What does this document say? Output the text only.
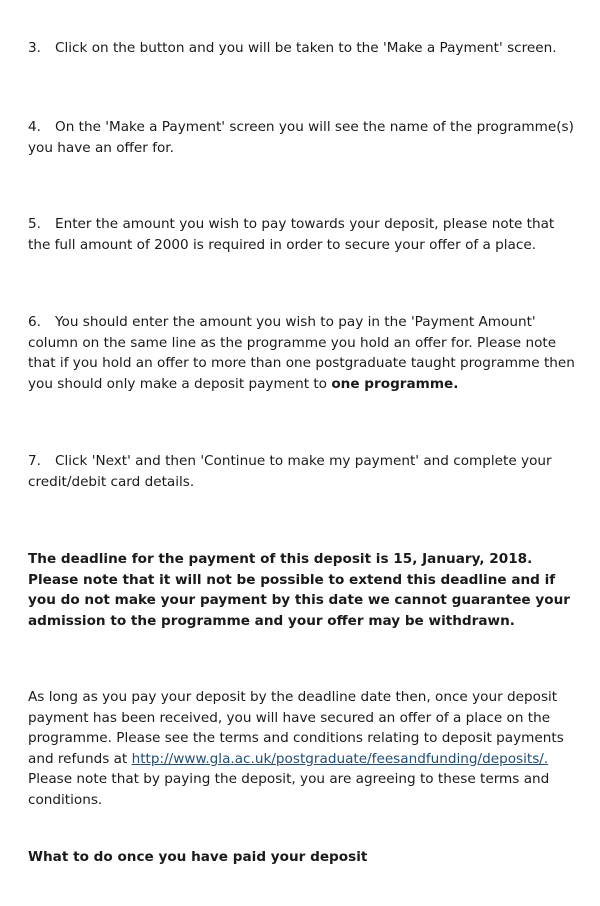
3. Click on the button and you will be taken to the 'Make a Payment' screen.

4. On the 'Make a Payment' screen you will see the name of the programme(s) you have an offer for.

5. Enter the amount you wish to pay towards your deposit, please note that the full amount of 2000 is required in order to secure your offer of a place.

6. You should enter the amount you wish to pay in the 'Payment Amount' column on the same line as the programme you hold an offer for. Please note that if you hold an offer to more than one postgraduate taught programme then you should only make a deposit payment to one programme.

7. Click 'Next' and then 'Continue to make my payment' and complete your credit/debit card details.

The deadline for the payment of this deposit is 15, January, 2018. Please note that it will not be possible to extend this deadline and if you do not make your payment by this date we cannot guarantee your admission to the programme and your offer may be withdrawn.

As long as you pay your deposit by the deadline date then, once your deposit payment has been received, you will have secured an offer of a place on the programme. Please see the terms and conditions relating to deposit payments and refunds at http://www.gla.ac.uk/postgraduate/feesandfunding/deposits/. Please note that by paying the deposit, you are agreeing to these terms and conditions.

What to do once you have paid your deposit
